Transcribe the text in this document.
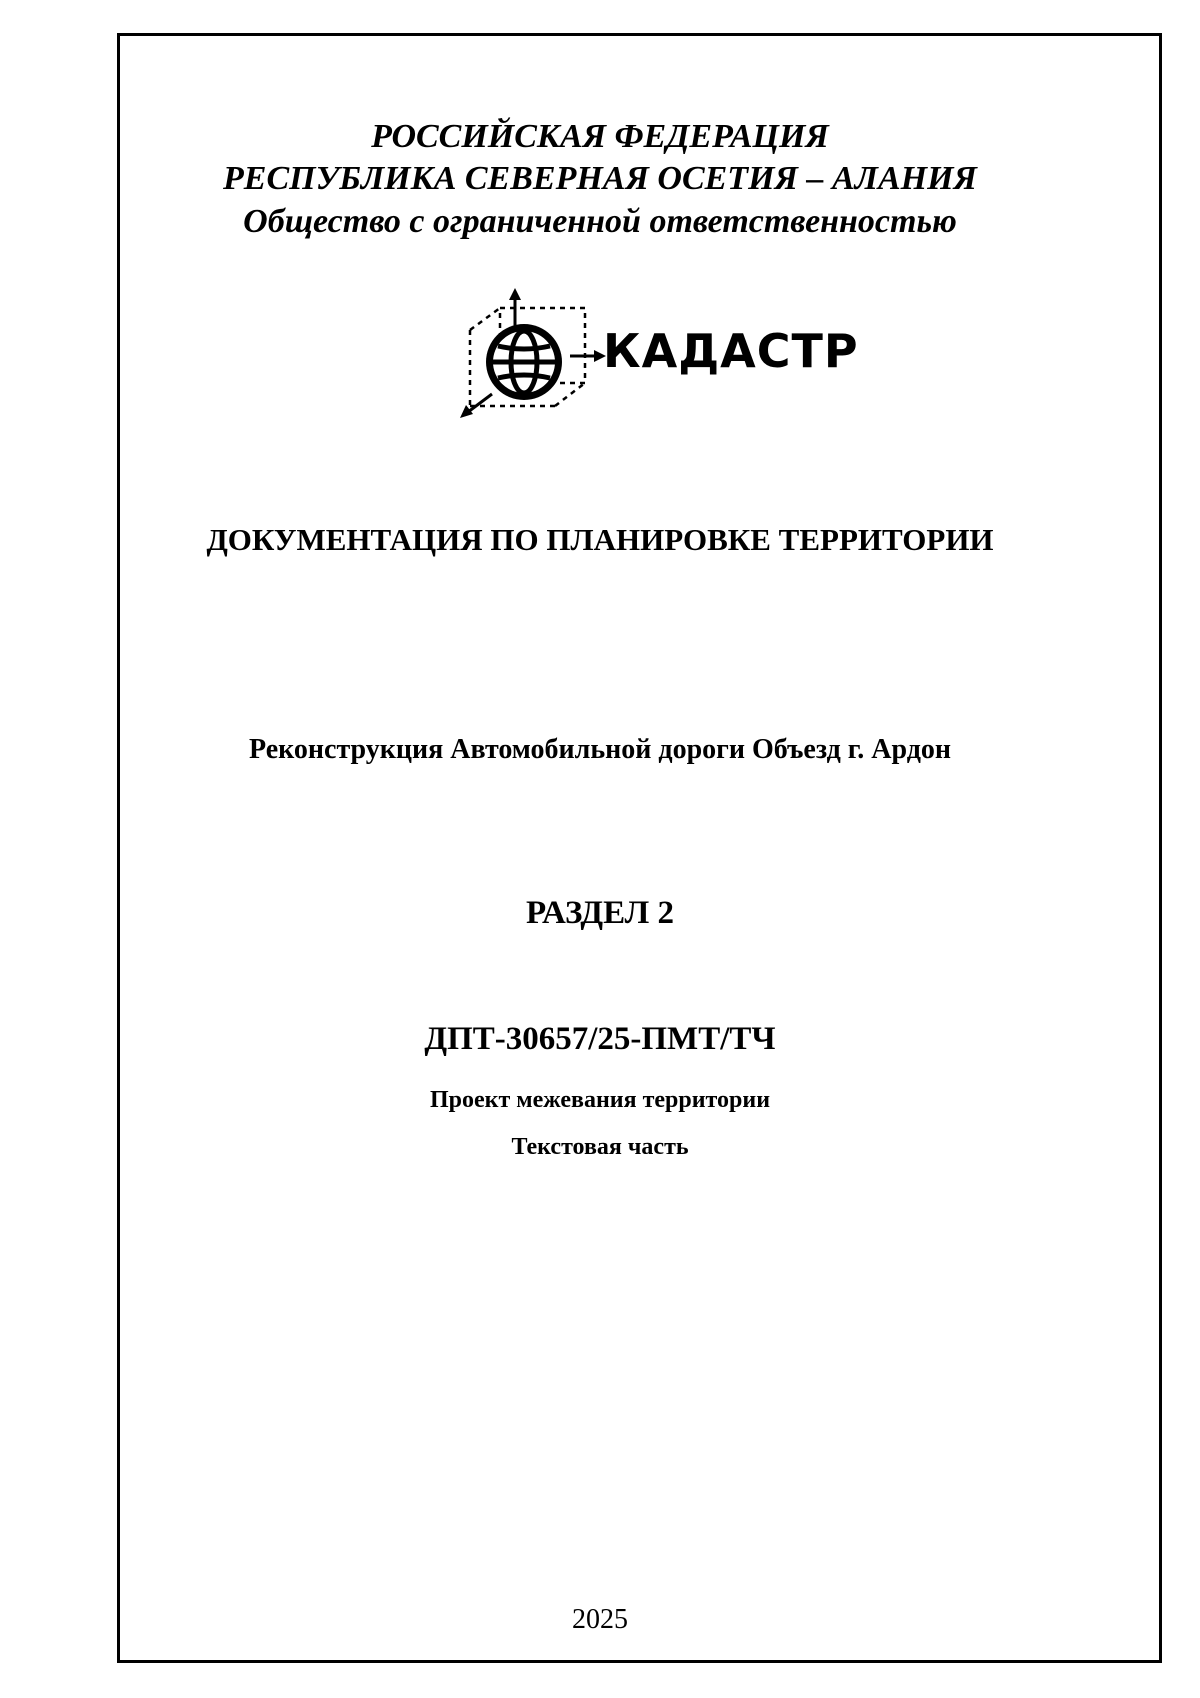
РОССИЙСКАЯ ФЕДЕРАЦИЯ
РЕСПУБЛИКА СЕВЕРНАЯ ОСЕТИЯ – АЛАНИЯ
Общество с ограниченной ответственностью
КАДАСТР
ДОКУМЕНТАЦИЯ ПО ПЛАНИРОВКЕ ТЕРРИТОРИИ
Реконструкция Автомобильной дороги Объезд г. Ардон
РАЗДЕЛ 2
ДПТ-30657/25-ПМТ/ТЧ
Проект межевания территории
Текстовая часть
2025
